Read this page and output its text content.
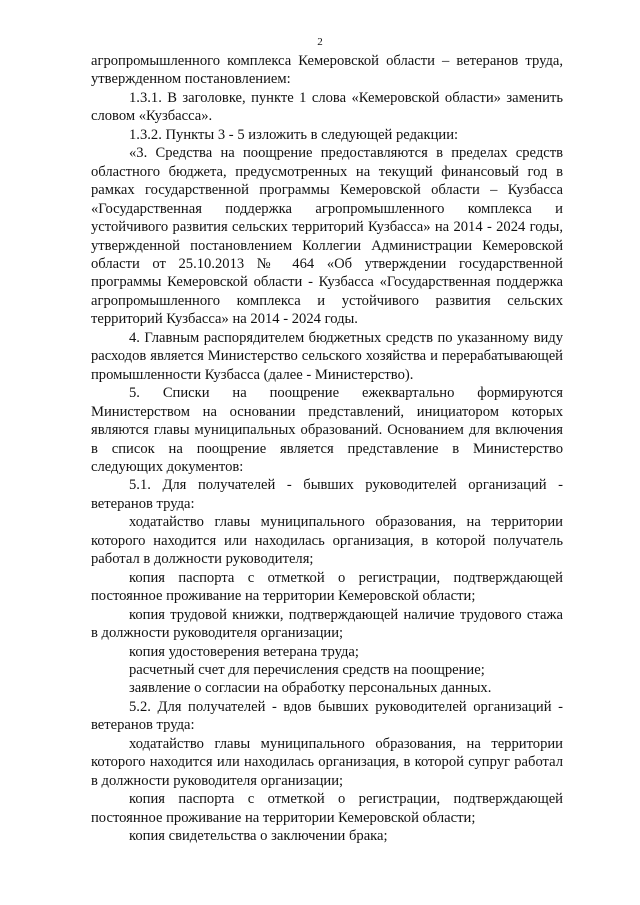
2

агропромышленного комплекса Кемеровской области – ветеранов труда, утвержденном постановлением:

1.3.1. В заголовке, пункте 1 слова «Кемеровской области» заменить словом «Кузбасса».

1.3.2. Пункты 3 - 5 изложить в следующей редакции:

«3. Средства на поощрение предоставляются в пределах средств областного бюджета, предусмотренных на текущий финансовый год в рамках государственной программы Кемеровской области – Кузбасса «Государственная поддержка агропромышленного комплекса и устойчивого развития сельских территорий Кузбасса» на 2014 - 2024 годы, утвержденной постановлением Коллегии Администрации Кемеровской области от 25.10.2013 № 464 «Об утверждении государственной программы Кемеровской области - Кузбасса «Государственная поддержка агропромышленного комплекса и устойчивого развития сельских территорий Кузбасса» на 2014 - 2024 годы.

4. Главным распорядителем бюджетных средств по указанному виду расходов является Министерство сельского хозяйства и перерабатывающей промышленности Кузбасса (далее - Министерство).

5. Списки на поощрение ежеквартально формируются Министерством на основании представлений, инициатором которых являются главы муниципальных образований. Основанием для включения в список на поощрение является представление в Министерство следующих документов:

5.1. Для получателей - бывших руководителей организаций - ветеранов труда:

ходатайство главы муниципального образования, на территории которого находится или находилась организация, в которой получатель работал в должности руководителя;

копия паспорта с отметкой о регистрации, подтверждающей постоянное проживание на территории Кемеровской области;

копия трудовой книжки, подтверждающей наличие трудового стажа в должности руководителя организации;

копия удостоверения ветерана труда;

расчетный счет для перечисления средств на поощрение;

заявление о согласии на обработку персональных данных.

5.2. Для получателей - вдов бывших руководителей организаций - ветеранов труда:

ходатайство главы муниципального образования, на территории которого находится или находилась организация, в которой супруг работал в должности руководителя организации;

копия паспорта с отметкой о регистрации, подтверждающей постоянное проживание на территории Кемеровской области;

копия свидетельства о заключении брака;
